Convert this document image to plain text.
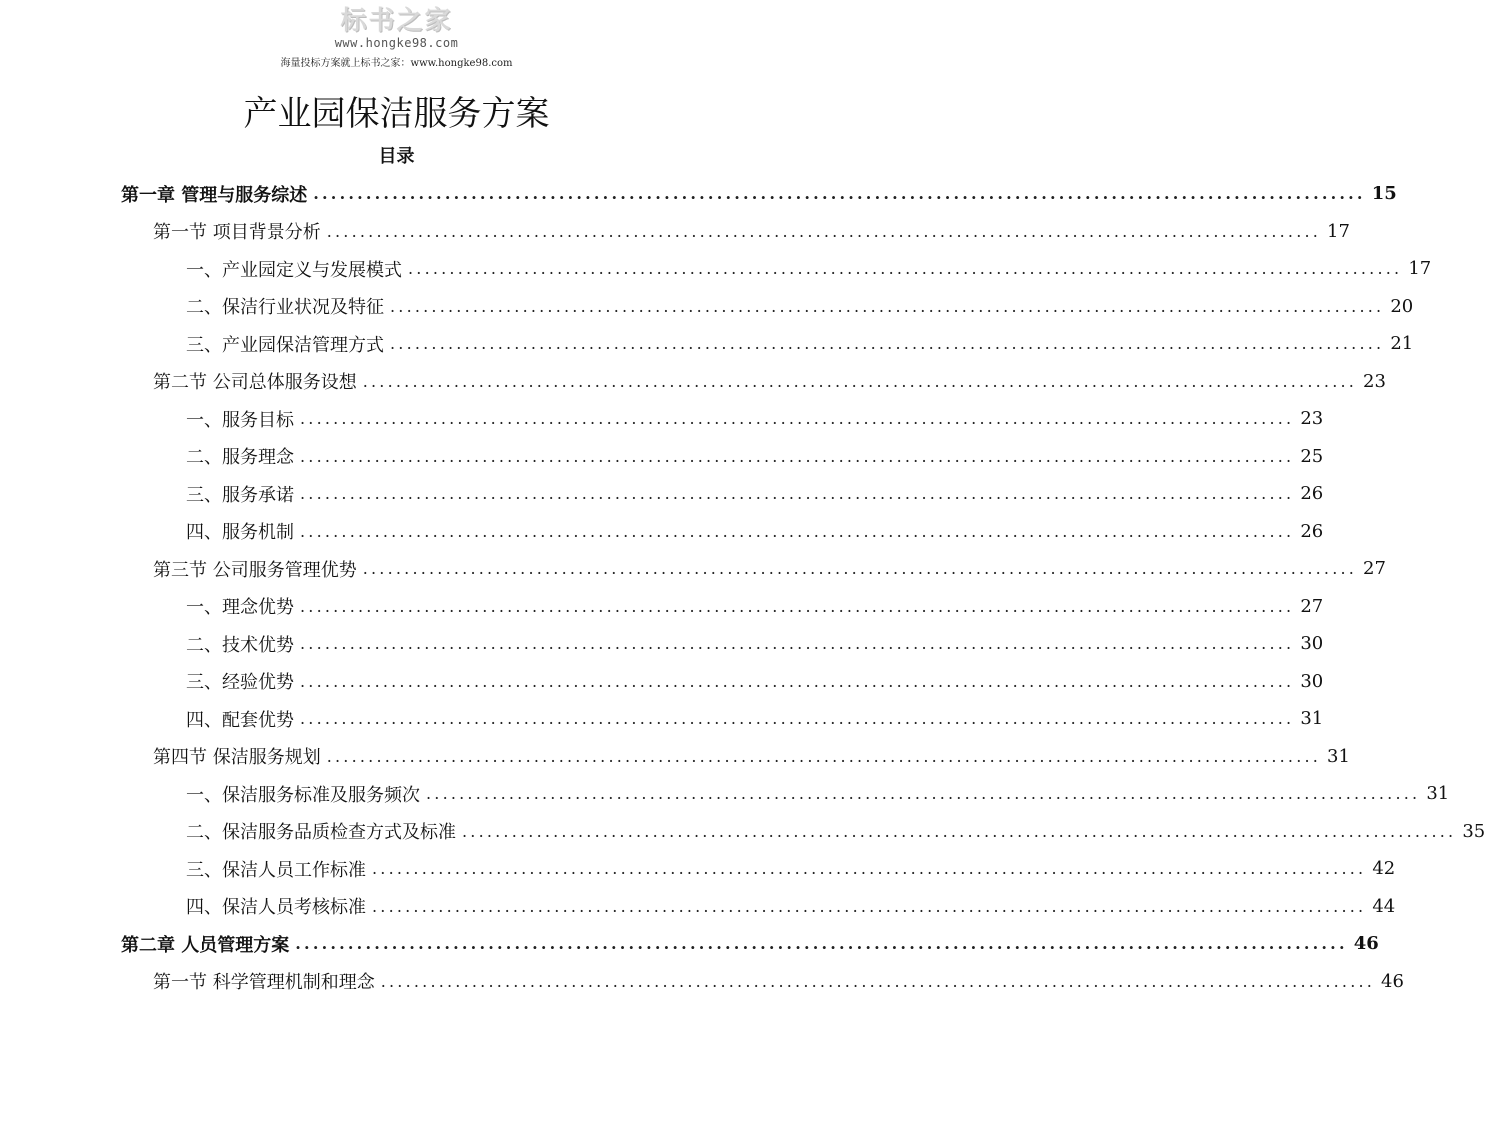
标书之家
www.hongke98.com
海量投标方案就上标书之家：www.hongke98.com
产业园保洁服务方案
目录
第一章 管理与服务综述 ........................................................................................................................ 15
第一节 项目背景分析 ........................................................................................................................ 17
一、产业园定义与发展模式 ........................................................................................................................ 17
二、保洁行业状况及特征 ........................................................................................................................ 20
三、产业园保洁管理方式 ........................................................................................................................ 21
第二节 公司总体服务设想 ........................................................................................................................ 23
一、服务目标 ........................................................................................................................ 23
二、服务理念 ........................................................................................................................ 25
三、服务承诺 ........................................................................................................................ 26
四、服务机制 ........................................................................................................................ 26
第三节 公司服务管理优势 ........................................................................................................................ 27
一、理念优势 ........................................................................................................................ 27
二、技术优势 ........................................................................................................................ 30
三、经验优势 ........................................................................................................................ 30
四、配套优势 ........................................................................................................................ 31
第四节 保洁服务规划 ........................................................................................................................ 31
一、保洁服务标准及服务频次 ........................................................................................................................ 31
二、保洁服务品质检查方式及标准 ........................................................................................................................ 35
三、保洁人员工作标准 ........................................................................................................................ 42
四、保洁人员考核标准 ........................................................................................................................ 44
第二章 人员管理方案 ........................................................................................................................ 46
第一节 科学管理机制和理念 ........................................................................................................................ 46
